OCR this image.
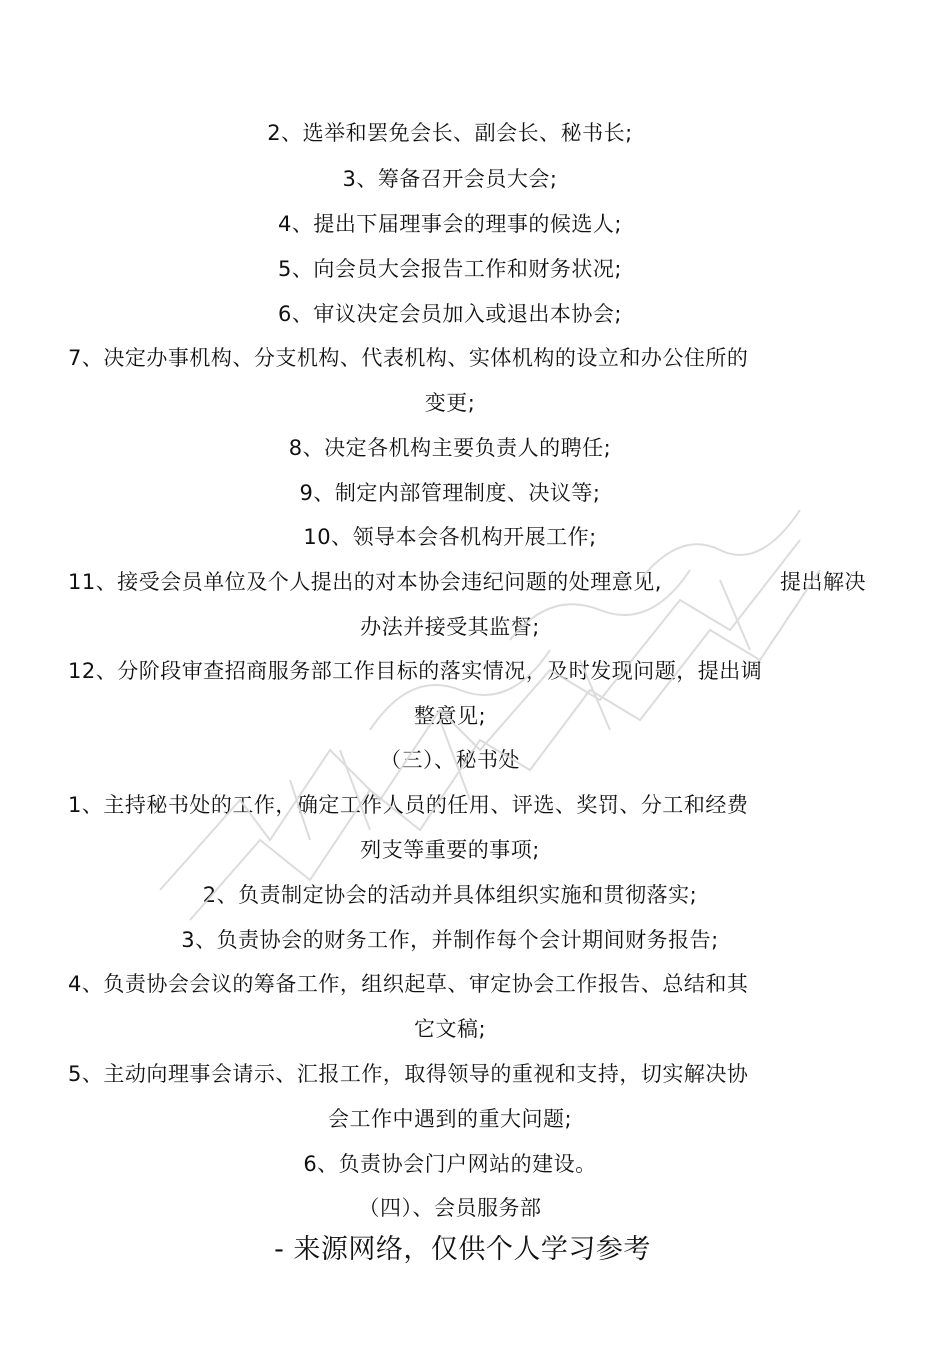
2、选举和罢免会长、副会长、秘书长;
3、筹备召开会员大会;
4、提出下届理事会的理事的候选人;
5、向会员大会报告工作和财务状况;
6、审议决定会员加入或退出本协会;
7、决定办事机构、分支机构、代表机构、实体机构的设立和办公住所的
变更;
8、决定各机构主要负责人的聘任;
9、制定内部管理制度、决议等;
10、领导本会各机构开展工作;
11、接受会员单位及个人提出的对本协会违纪问题的处理意见,	提出解决
办法并接受其监督;
12、分阶段审查招商服务部工作目标的落实情况，及时发现问题，提出调
整意见;
（三）、秘书处
1、主持秘书处的工作，确定工作人员的任用、评选、奖罚、分工和经费
列支等重要的事项;
2、负责制定协会的活动并具体组织实施和贯彻落实;
3、负责协会的财务工作，并制作每个会计期间财务报告;
4、负责协会会议的筹备工作，组织起草、审定协会工作报告、总结和其
它文稿;
5、主动向理事会请示、汇报工作，取得领导的重视和支持，切实解决协
会工作中遇到的重大问题;
6、负责协会门户网站的建设。
（四）、会员服务部
- 来源网络，仅供个人学习参考
